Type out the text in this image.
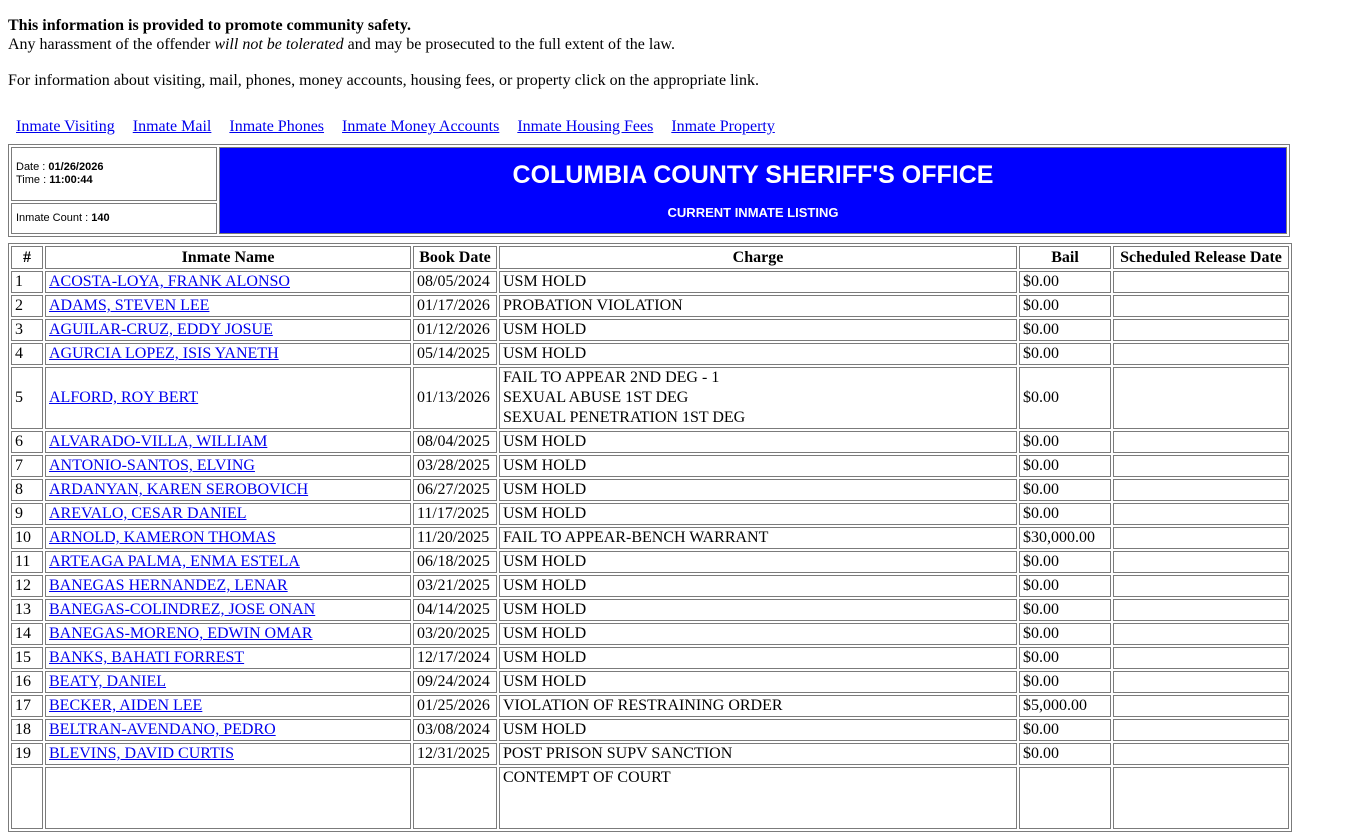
This information is provided to promote community safety.
Any harassment of the offender will not be tolerated and may be prosecuted to the full extent of the law.

For information about visiting, mail, phones, money accounts, housing fees, or property click on the appropriate link.

Inmate Visiting Inmate Mail Inmate Phones Inmate Money Accounts Inmate Housing Fees Inmate Property

Date : 01/26/2026
Time : 11:00:44	COLUMBIA COUNTY SHERIFF'S OFFICE
CURRENT INMATE LISTING

Inmate Count : 140
#	Inmate Name	Book Date	Charge	Bail	Scheduled Release Date
1	ACOSTA-LOYA, FRANK ALONSO	08/05/2024	USM HOLD	$0.00	
2	ADAMS, STEVEN LEE	01/17/2026	PROBATION VIOLATION	$0.00	
3	AGUILAR-CRUZ, EDDY JOSUE	01/12/2026	USM HOLD	$0.00	
4	AGURCIA LOPEZ, ISIS YANETH	05/14/2025	USM HOLD	$0.00	
5	ALFORD, ROY BERT	01/13/2026	FAIL TO APPEAR 2ND DEG - 1
SEXUAL ABUSE 1ST DEG
SEXUAL PENETRATION 1ST DEG	$0.00	
6	ALVARADO-VILLA, WILLIAM	08/04/2025	USM HOLD	$0.00	
7	ANTONIO-SANTOS, ELVING	03/28/2025	USM HOLD	$0.00	
8	ARDANYAN, KAREN SEROBOVICH	06/27/2025	USM HOLD	$0.00	
9	AREVALO, CESAR DANIEL	11/17/2025	USM HOLD	$0.00	
10	ARNOLD, KAMERON THOMAS	11/20/2025	FAIL TO APPEAR-BENCH WARRANT	$30,000.00	
11	ARTEAGA PALMA, ENMA ESTELA	06/18/2025	USM HOLD	$0.00	
12	BANEGAS HERNANDEZ, LENAR	03/21/2025	USM HOLD	$0.00	
13	BANEGAS-COLINDREZ, JOSE ONAN	04/14/2025	USM HOLD	$0.00	
14	BANEGAS-MORENO, EDWIN OMAR	03/20/2025	USM HOLD	$0.00	
15	BANKS, BAHATI FORREST	12/17/2024	USM HOLD	$0.00	
16	BEATY, DANIEL	09/24/2024	USM HOLD	$0.00	
17	BECKER, AIDEN LEE	01/25/2026	VIOLATION OF RESTRAINING ORDER	$5,000.00	
18	BELTRAN-AVENDANO, PEDRO	03/08/2024	USM HOLD	$0.00	
19	BLEVINS, DAVID CURTIS	12/31/2025	POST PRISON SUPV SANCTION	$0.00	

			CONTEMPT OF COURT		
